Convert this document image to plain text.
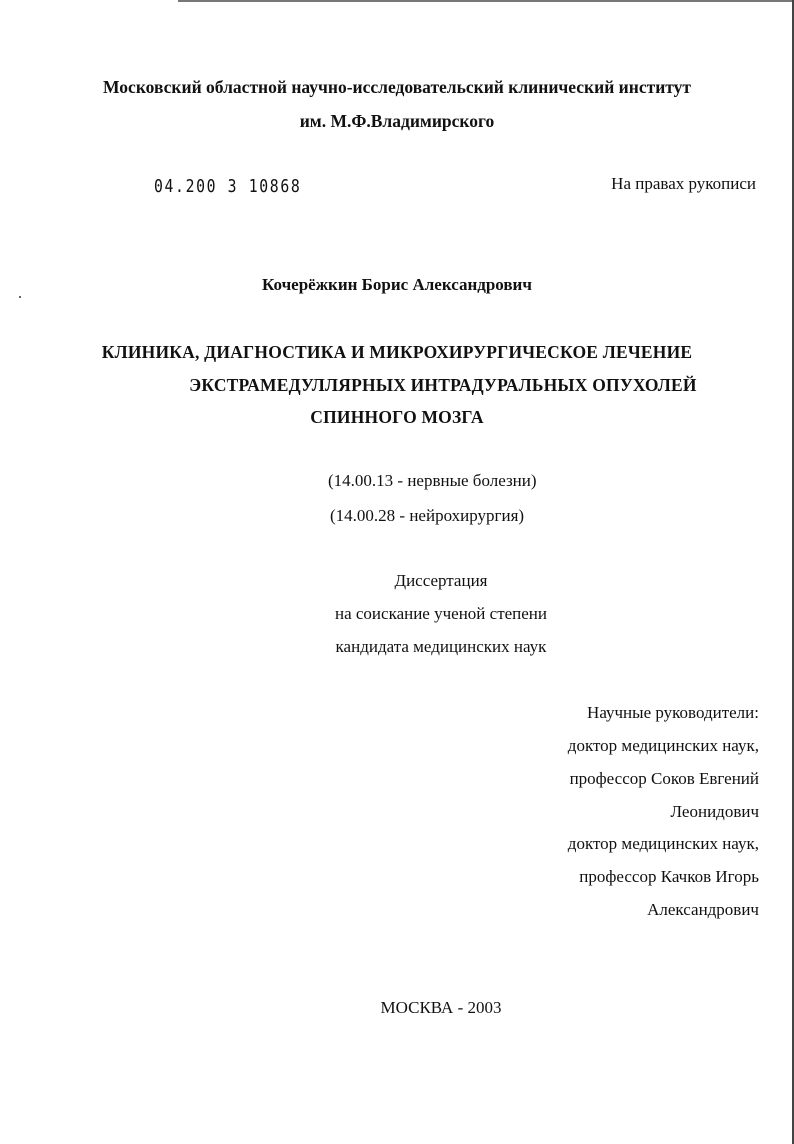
Московский областной научно-исследовательский клинический институт
им. М.Ф.Владимирского
04.200 3 10868	На правах рукописи
Кочерёжкин Борис Александрович
КЛИНИКА, ДИАГНОСТИКА И МИКРОХИРУРГИЧЕСКОЕ ЛЕЧЕНИЕ
ЭКСТРАМЕДУЛЛЯРНЫХ ИНТРАДУРАЛЬНЫХ ОПУХОЛЕЙ
СПИННОГО МОЗГА
(14.00.13 - нервные болезни)
(14.00.28 - нейрохирургия)
Диссертация
на соискание ученой степени
кандидата медицинских наук
Научные руководители:
доктор медицинских наук,
профессор Соков Евгений
Леонидович
доктор медицинских наук,
профессор Качков Игорь
Александрович
МОСКВА - 2003
